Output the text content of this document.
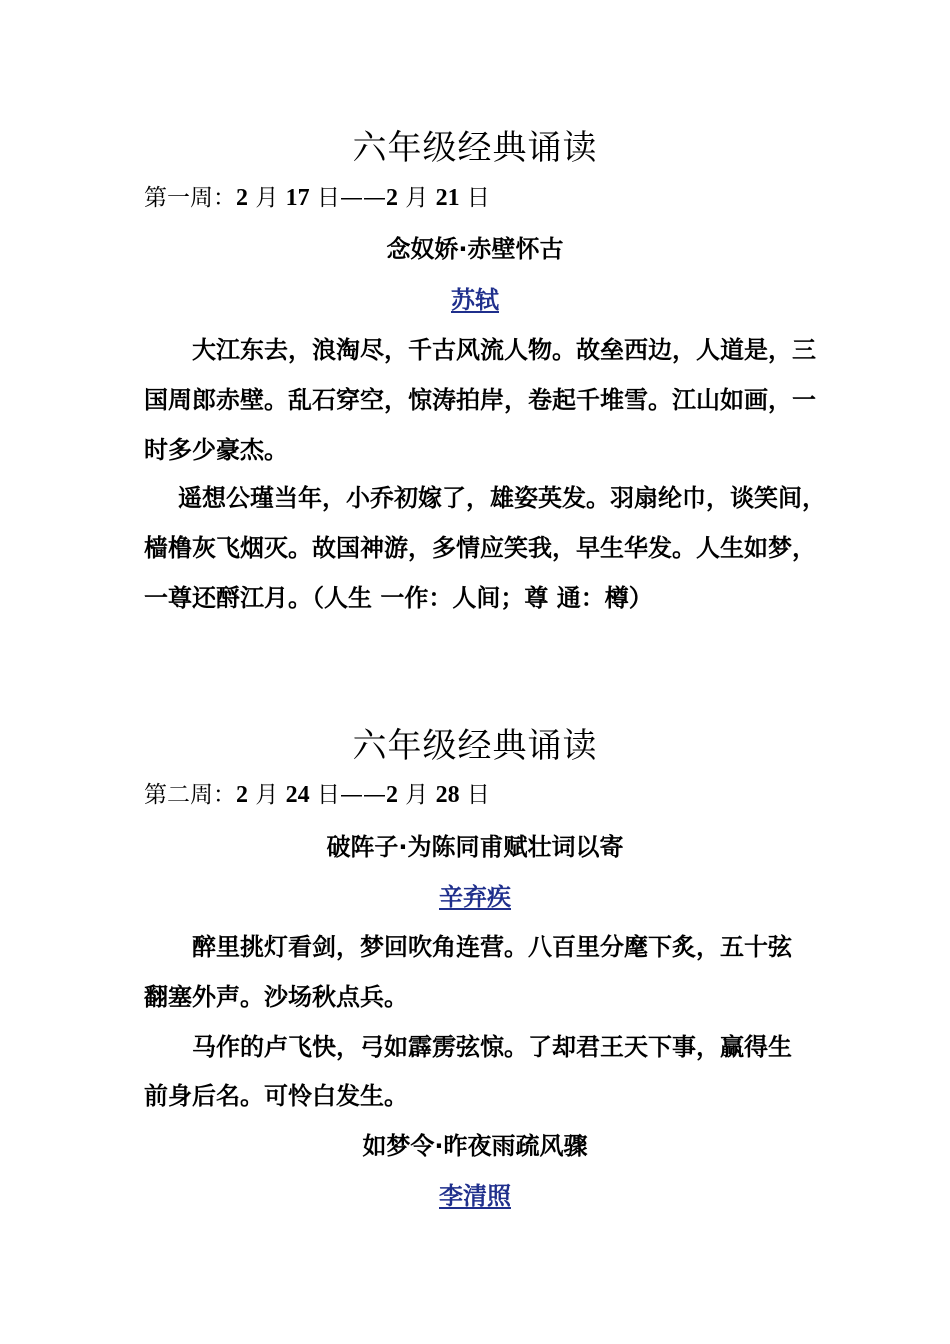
六年级经典诵读
第一周：2 月 17 日——2 月 21 日
念奴娇·赤壁怀古
苏轼
大江东去，浪淘尽，千古风流人物。故垒西边，人道是，三
国周郎赤壁。乱石穿空，惊涛拍岸，卷起千堆雪。江山如画，一
时多少豪杰。
遥想公瑾当年，小乔初嫁了，雄姿英发。羽扇纶巾，谈笑间，
樯橹灰飞烟灭。故国神游，多情应笑我，早生华发。人生如梦，
一尊还酹江月。（人生 一作：人间；尊 通：樽）
六年级经典诵读
第二周：2 月 24 日——2 月 28 日
破阵子·为陈同甫赋壮词以寄
辛弃疾
醉里挑灯看剑，梦回吹角连营。八百里分麾下炙，五十弦
翻塞外声。沙场秋点兵。
马作的卢飞快，弓如霹雳弦惊。了却君王天下事，赢得生
前身后名。可怜白发生。
如梦令·昨夜雨疏风骤
李清照
